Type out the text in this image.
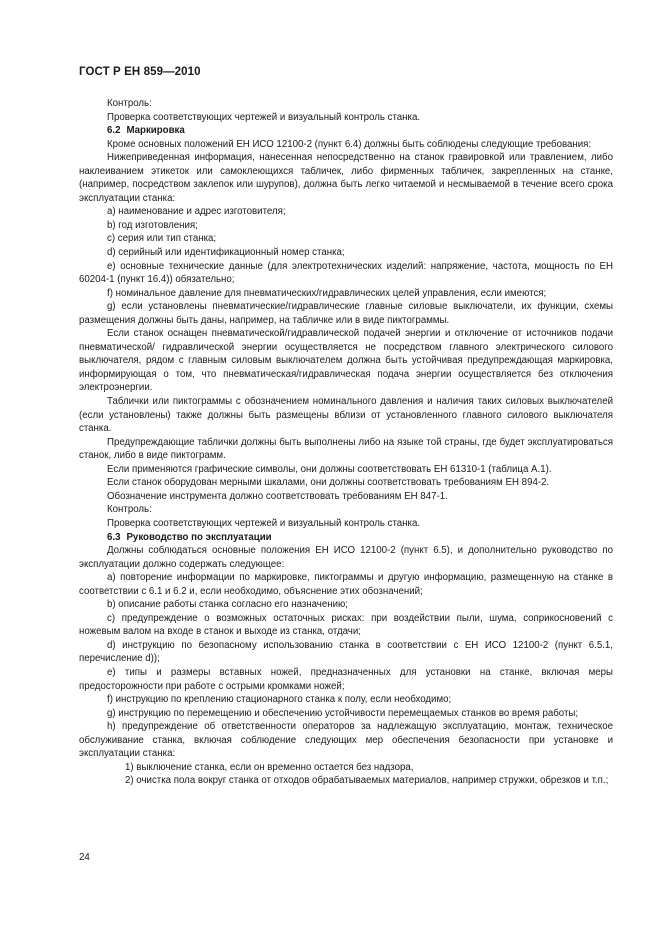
ГОСТ Р ЕН 859—2010

Контроль:

Проверка соответствующих чертежей и визуальный контроль станка.

6.2 Маркировка

Кроме основных положений ЕН ИСО 12100-2 (пункт 6.4) должны быть соблюдены следующие требования:

Нижеприведенная информация, нанесенная непосредственно на станок гравировкой или травлением, либо наклеиванием этикеток или самоклеющихся табличек, либо фирменных табличек, закрепленных на станке, (например, посредством заклепок или шурупов), должна быть легко читаемой и несмываемой в течение всего срока эксплуатации станка:

a) наименование и адрес изготовителя;

b) год изготовления;

c) серия или тип станка;

d) серийный или идентификационный номер станка;

e) основные технические данные (для электротехнических изделий: напряжение, частота, мощность по ЕН 60204-1 (пункт 16.4)) обязательно;

f) номинальное давление для пневматических/гидравлических целей управления, если имеются;

g) если установлены пневматические/гидравлические главные силовые выключатели, их функции, схемы размещения должны быть даны, например, на табличке или в виде пиктограммы.

Если станок оснащен пневматической/гидравлической подачей энергии и отключение от источников подачи пневматической/ гидравлической энергии осуществляется не посредством главного электрического силового выключателя, рядом с главным силовым выключателем должна быть устойчивая предупреждающая маркировка, информирующая о том, что пневматическая/гидравлическая подача энергии осуществляется без отключения электроэнергии.

Таблички или пиктограммы с обозначением номинального давления и наличия таких силовых выключателей (если установлены) также должны быть размещены вблизи от установленного главного силового выключателя станка.

Предупреждающие таблички должны быть выполнены либо на языке той страны, где будет эксплуатироваться станок, либо в виде пиктограмм.

Если применяются графические символы, они должны соответствовать ЕН 61310-1 (таблица А.1).

Если станок оборудован мерными шкалами, они должны соответствовать требованиям ЕН 894-2.

Обозначение инструмента должно соответствовать требованиям ЕН 847-1.

Контроль:

Проверка соответствующих чертежей и визуальный контроль станка.

6.3 Руководство по эксплуатации

Должны соблюдаться основные положения ЕН ИСО 12100-2 (пункт 6.5), и дополнительно руководство по эксплуатации должно содержать следующее:

a) повторение информации по маркировке, пиктограммы и другую информацию, размещенную на станке в соответствии с 6.1 и 6.2 и, если необходимо, объяснение этих обозначений;

b) описание работы станка согласно его назначению;

c) предупреждение о возможных остаточных рисках: при воздействии пыли, шума, соприкосновений с ножевым валом на входе в станок и выходе из станка, отдачи;

d) инструкцию по безопасному использованию станка в соответствии с ЕН ИСО 12100-2 (пункт 6.5.1, перечисление d));

e) типы и размеры вставных ножей, предназначенных для установки на станке, включая меры предосторожности при работе с острыми кромками ножей;

f) инструкцию по креплению стационарного станка к полу, если необходимо;

g) инструкцию по перемещению и обеспечению устойчивости перемещаемых станков во время работы;

h) предупреждение об ответственности операторов за надлежащую эксплуатацию, монтаж, техническое обслуживание станка, включая соблюдение следующих мер обеспечения безопасности при установке и эксплуатации станка:

1) выключение станка, если он временно остается без надзора,

2) очистка пола вокруг станка от отходов обрабатываемых материалов, например стружки, обрезков и т.п.;

24
